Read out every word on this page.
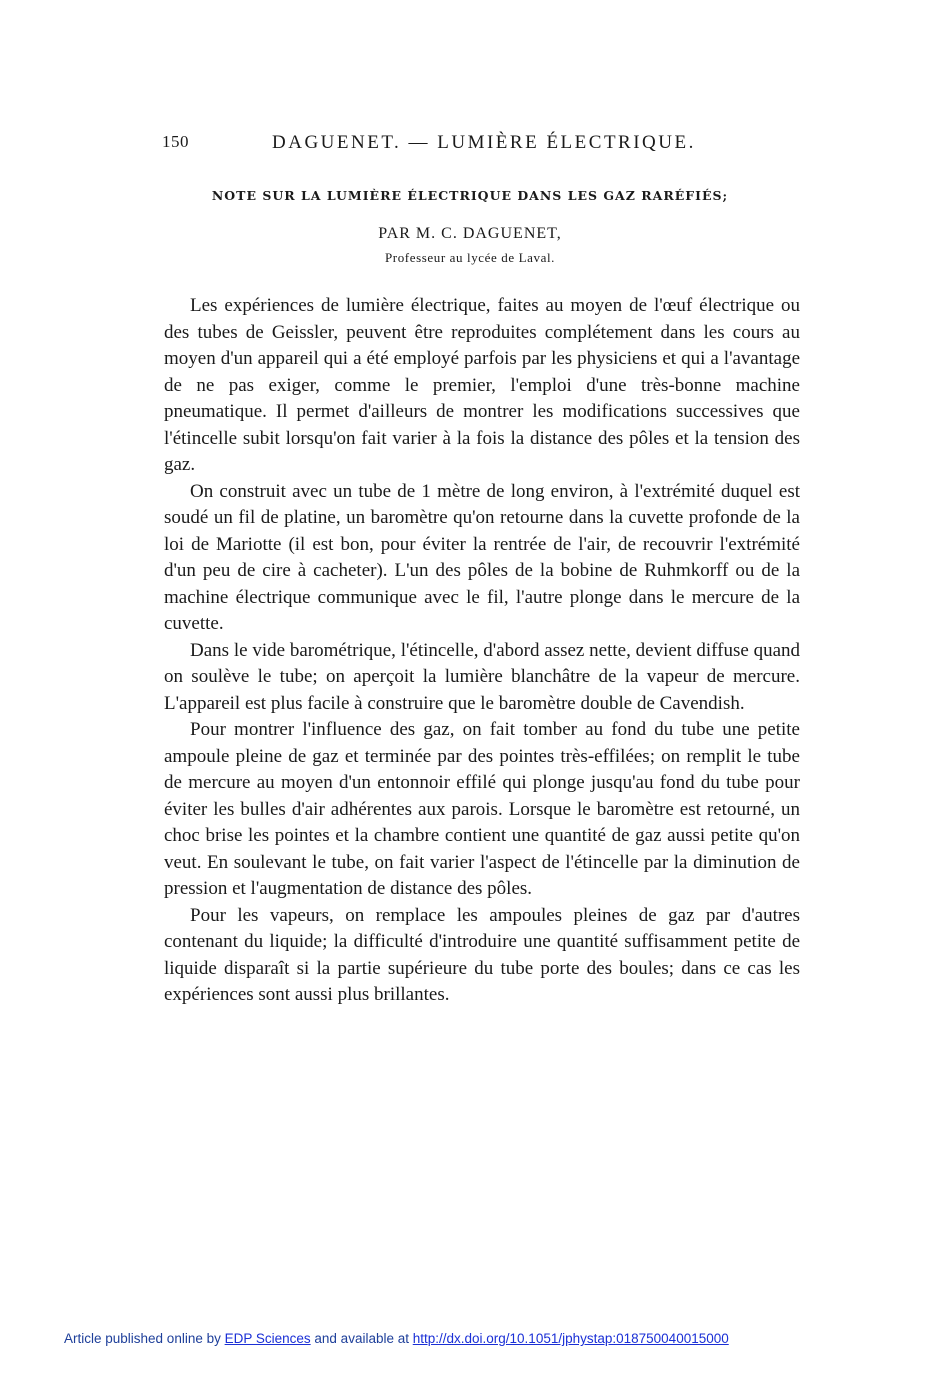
150	DAGUENET. — LUMIÈRE ÉLECTRIQUE.
NOTE SUR LA LUMIÈRE ÉLECTRIQUE DANS LES GAZ RARÉFIÉS;
PAR M. C. DAGUENET,
Professeur au lycée de Laval.

Les expériences de lumière électrique, faites au moyen de l'œuf électrique ou des tubes de Geissler, peuvent être reproduites complétement dans les cours au moyen d'un appareil qui a été employé parfois par les physiciens et qui a l'avantage de ne pas exiger, comme le premier, l'emploi d'une très-bonne machine pneumatique. Il permet d'ailleurs de montrer les modifications successives que l'étincelle subit lorsqu'on fait varier à la fois la distance des pôles et la tension des gaz.

On construit avec un tube de 1 mètre de long environ, à l'extrémité duquel est soudé un fil de platine, un baromètre qu'on retourne dans la cuvette profonde de la loi de Mariotte (il est bon, pour éviter la rentrée de l'air, de recouvrir l'extrémité d'un peu de cire à cacheter). L'un des pôles de la bobine de Ruhmkorff ou de la machine électrique communique avec le fil, l'autre plonge dans le mercure de la cuvette.

Dans le vide barométrique, l'étincelle, d'abord assez nette, devient diffuse quand on soulève le tube; on aperçoit la lumière blanchâtre de la vapeur de mercure. L'appareil est plus facile à construire que le baromètre double de Cavendish.

Pour montrer l'influence des gaz, on fait tomber au fond du tube une petite ampoule pleine de gaz et terminée par des pointes très-effilées; on remplit le tube de mercure au moyen d'un entonnoir effilé qui plonge jusqu'au fond du tube pour éviter les bulles d'air adhérentes aux parois. Lorsque le baromètre est retourné, un choc brise les pointes et la chambre contient une quantité de gaz aussi petite qu'on veut. En soulevant le tube, on fait varier l'aspect de l'étincelle par la diminution de pression et l'augmentation de distance des pôles.

Pour les vapeurs, on remplace les ampoules pleines de gaz par d'autres contenant du liquide; la difficulté d'introduire une quantité suffisamment petite de liquide disparaît si la partie supérieure du tube porte des boules; dans ce cas les expériences sont aussi plus brillantes.

Article published online by EDP Sciences and available at http://dx.doi.org/10.1051/jphystap:018750040015000
